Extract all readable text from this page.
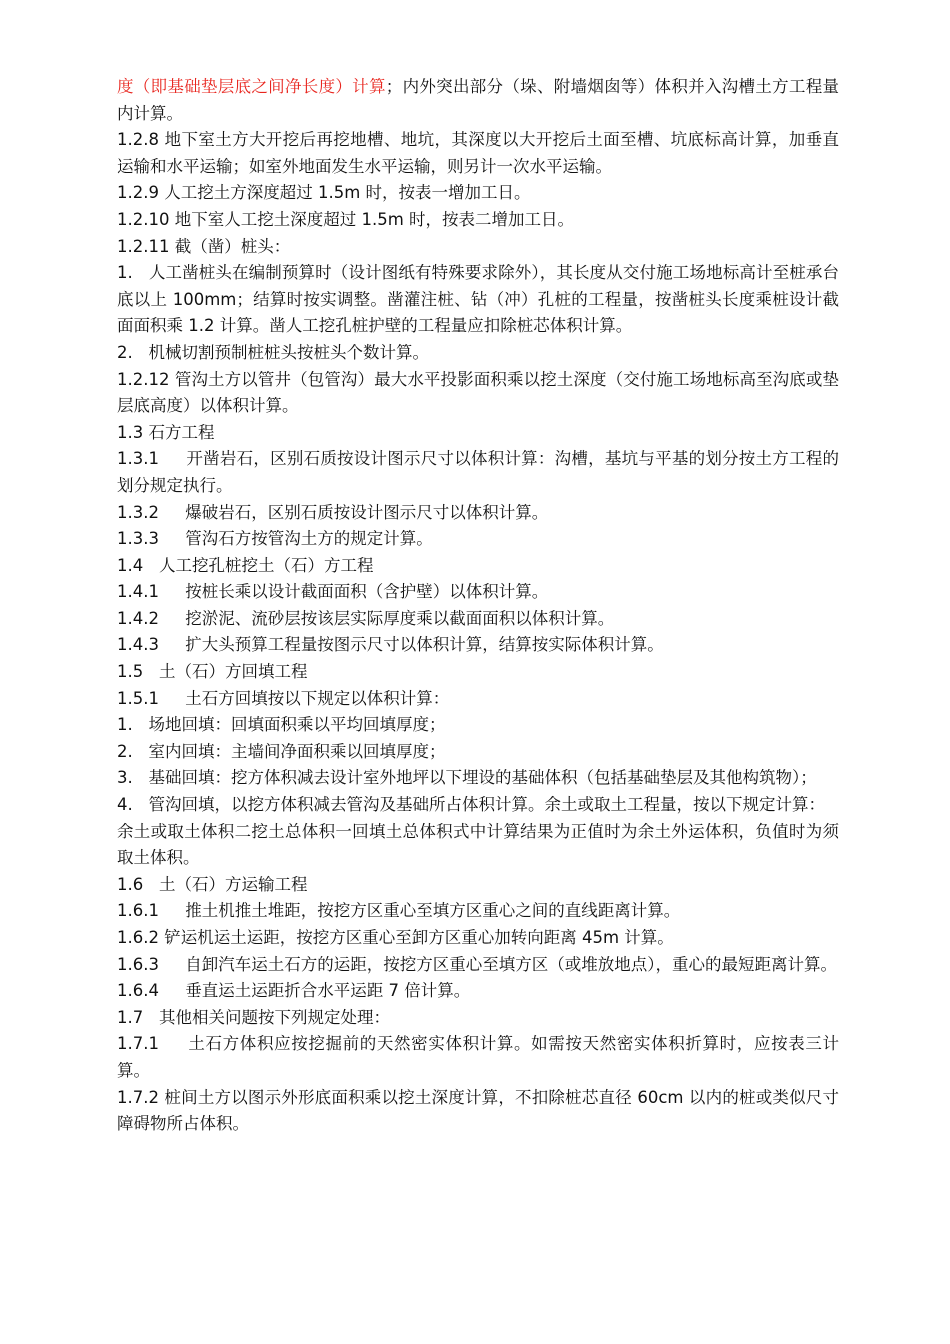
度（即基础垫层底之间净长度）计算；内外突出部分（垛、附墙烟囱等）体积并入沟槽土方工程量内计算。

1.2.8 地下室土方大开挖后再挖地槽、地坑，其深度以大开挖后土面至槽、坑底标高计算，加垂直运输和水平运输；如室外地面发生水平运输，则另计一次水平运输。

1.2.9 人工挖土方深度超过 1.5m 时，按表一增加工日。

1.2.10 地下室人工挖土深度超过 1.5m 时，按表二增加工日。

1.2.11 截（凿）桩头：

1.   人工凿桩头在编制预算时（设计图纸有特殊要求除外），其长度从交付施工场地标高计至桩承台底以上 100mm；结算时按实调整。凿灌注桩、钻（冲）孔桩的工程量，按凿桩头长度乘桩设计截面面积乘 1.2 计算。凿人工挖孔桩护壁的工程量应扣除桩芯体积计算。

2.   机械切割预制桩桩头按桩头个数计算。

1.2.12 管沟土方以管井（包管沟）最大水平投影面积乘以挖土深度（交付施工场地标高至沟底或垫层底高度）以体积计算。

1.3 石方工程

1.3.1     开凿岩石，区别石质按设计图示尺寸以体积计算：沟槽，基坑与平基的划分按土方工程的划分规定执行。

1.3.2     爆破岩石，区别石质按设计图示尺寸以体积计算。

1.3.3     管沟石方按管沟土方的规定计算。

1.4   人工挖孔桩挖土（石）方工程

1.4.1     按桩长乘以设计截面面积（含护壁）以体积计算。

1.4.2     挖淤泥、流砂层按该层实际厚度乘以截面面积以体积计算。

1.4.3     扩大头预算工程量按图示尺寸以体积计算，结算按实际体积计算。

1.5   土（石）方回填工程

1.5.1     土石方回填按以下规定以体积计算：

1.   场地回填：回填面积乘以平均回填厚度；

2.   室内回填：主墙间净面积乘以回填厚度；

3.   基础回填：挖方体积减去设计室外地坪以下埋设的基础体积（包括基础垫层及其他构筑物）；

4.   管沟回填，以挖方体积减去管沟及基础所占体积计算。余土或取土工程量，按以下规定计算：

余土或取土体积二挖土总体积一回填土总体积式中计算结果为正值时为余土外运体积，负值时为须取土体积。

1.6   土（石）方运输工程

1.6.1     推土机推土堆距，按挖方区重心至填方区重心之间的直线距离计算。

1.6.2 铲运机运土运距，按挖方区重心至卸方区重心加转向距离 45m 计算。

1.6.3     自卸汽车运土石方的运距，按挖方区重心至填方区（或堆放地点），重心的最短距离计算。

1.6.4     垂直运土运距折合水平运距 7 倍计算。

1.7   其他相关问题按下列规定处理：

1.7.1     土石方体积应按挖掘前的天然密实体积计算。如需按天然密实体积折算时，应按表三计算。

1.7.2 桩间土方以图示外形底面积乘以挖土深度计算，不扣除桩芯直径 60cm 以内的桩或类似尺寸障碍物所占体积。
